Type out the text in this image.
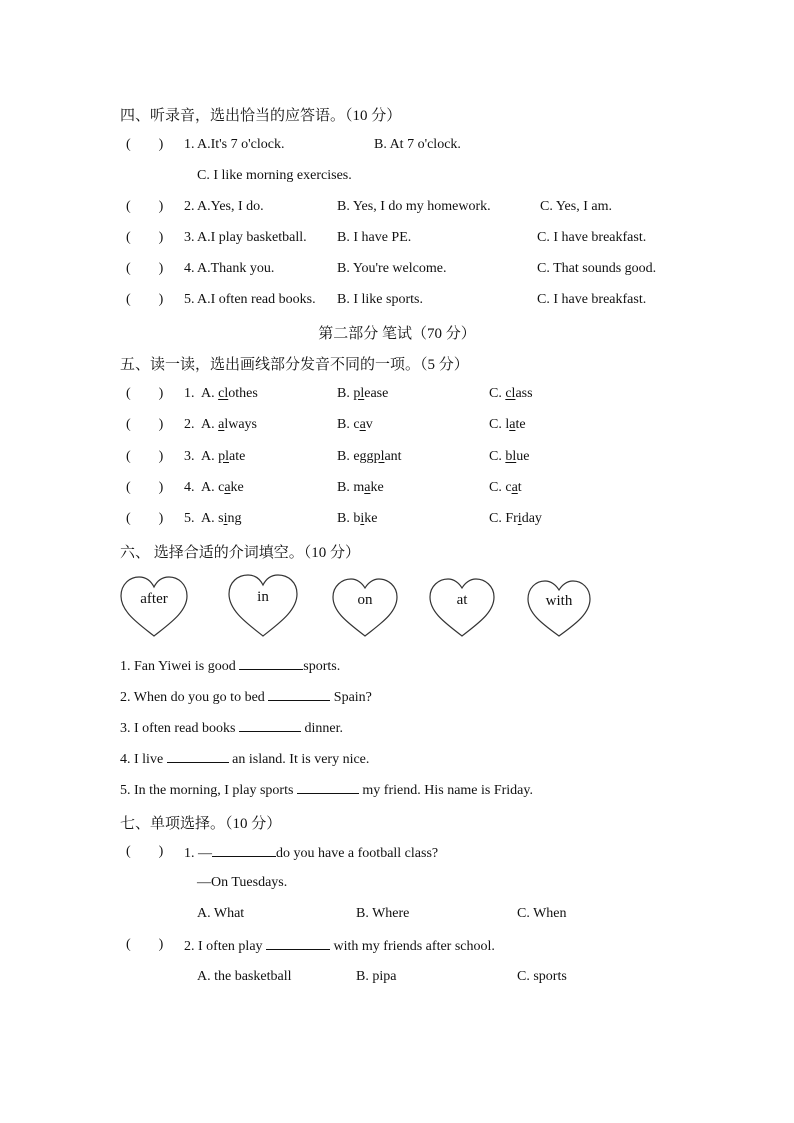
四、听录音，选出恰当的应答语。（10 分）
(        ) 1. A.It's 7 o'clock.	B. At 7 o'clock.
C. I like morning exercises.
(        ) 2. A.Yes, I do.	B. Yes, I do my homework.	C. Yes, I am.
(        ) 3. A.I play basketball. B. I have PE.	C. I have breakfast.
(        ) 4. A.Thank you.	B. You're welcome.	C. That sounds good.
(        ) 5. A.I often read books. B. I like sports.	C. I have breakfast.
第二部分 笔试（70 分）
五、读一读，选出画线部分发音不同的一项。（5 分）
(        ) 1. A. clothes	B. please	C. class
(        ) 2. A. always	B. cav	C. late
(        ) 3. A. plate	B. eggplant	C. blue
(        ) 4. A. cake	B. make	C. cat
(        ) 5. A. sing	B. bike	C. Friday
六、 选择合适的介词填空。（10 分）
after	in	on	at	with
1. Fan Yiwei is good	sports.
2. When do you go to bed	Spain?
3. I often read books	dinner.
4. I live	an island. It is very nice.
5. In the morning, I play sports	my friend. His name is Friday.
七、单项选择。（10 分）
(        ) 1. —	do you have a football class?
—On Tuesdays.
A. What	B. Where	C. When
(        ) 2. I often play	with my friends after school.
A. the basketball	B. pipa	C. sports
